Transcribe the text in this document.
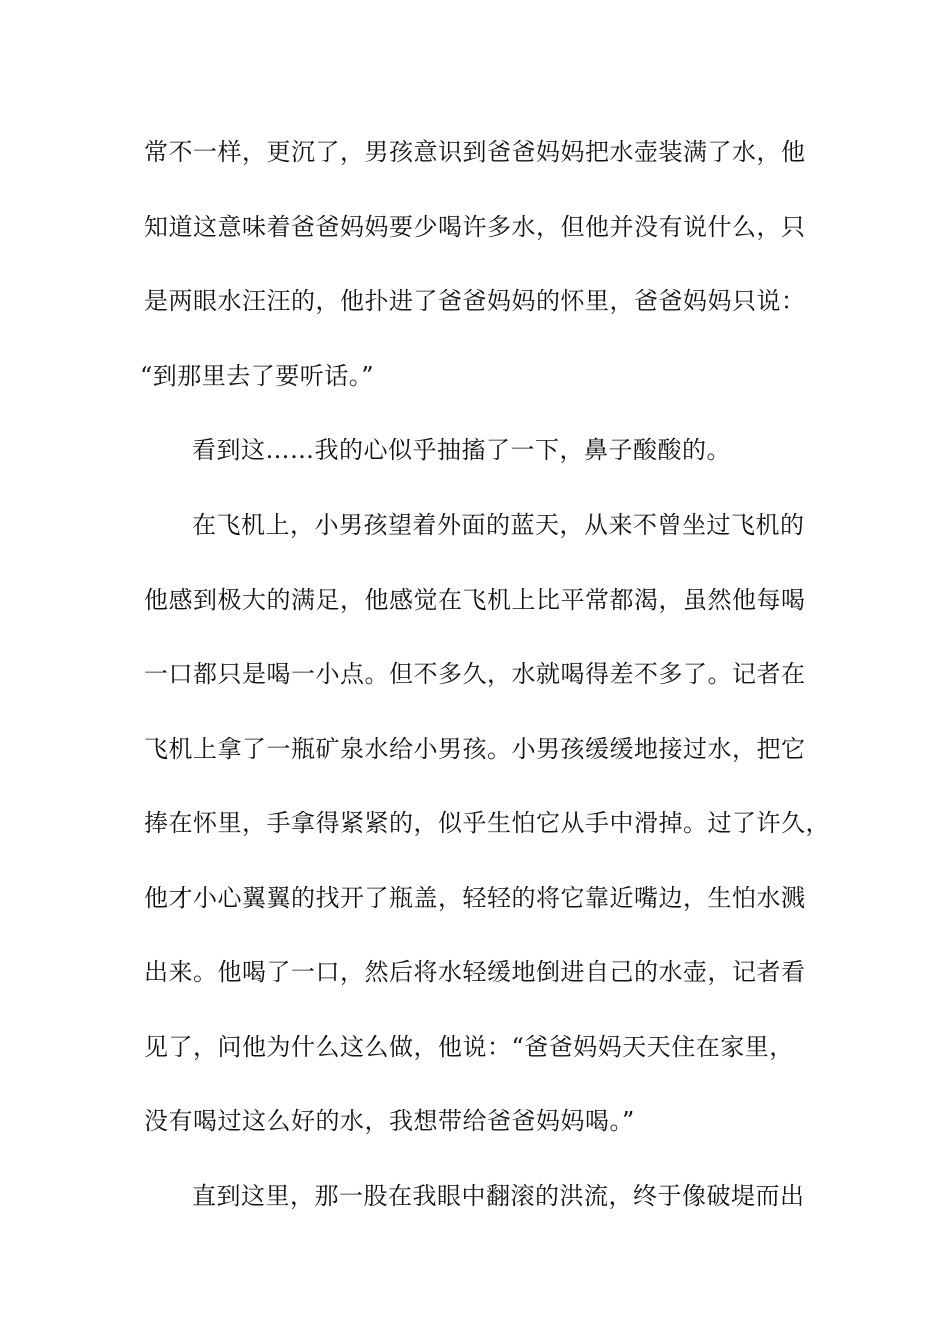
常不一样，更沉了，男孩意识到爸爸妈妈把水壶装满了水，他
知道这意味着爸爸妈妈要少喝许多水，但他并没有说什么，只
是两眼水汪汪的，他扑进了爸爸妈妈的怀里，爸爸妈妈只说：
“到那里去了要听话。”
看到这……我的心似乎抽搐了一下，鼻子酸酸的。
在飞机上，小男孩望着外面的蓝天，从来不曾坐过飞机的
他感到极大的满足，他感觉在飞机上比平常都渴，虽然他每喝
一口都只是喝一小点。但不多久，水就喝得差不多了。记者在
飞机上拿了一瓶矿泉水给小男孩。小男孩缓缓地接过水，把它
捧在怀里，手拿得紧紧的，似乎生怕它从手中滑掉。过了许久，
他才小心翼翼的找开了瓶盖，轻轻的将它靠近嘴边，生怕水溅
出来。他喝了一口，然后将水轻缓地倒进自己的水壶，记者看
见了，问他为什么这么做，他说：“爸爸妈妈天天住在家里，
没有喝过这么好的水，我想带给爸爸妈妈喝。”
直到这里，那一股在我眼中翻滚的洪流，终于像破堤而出
